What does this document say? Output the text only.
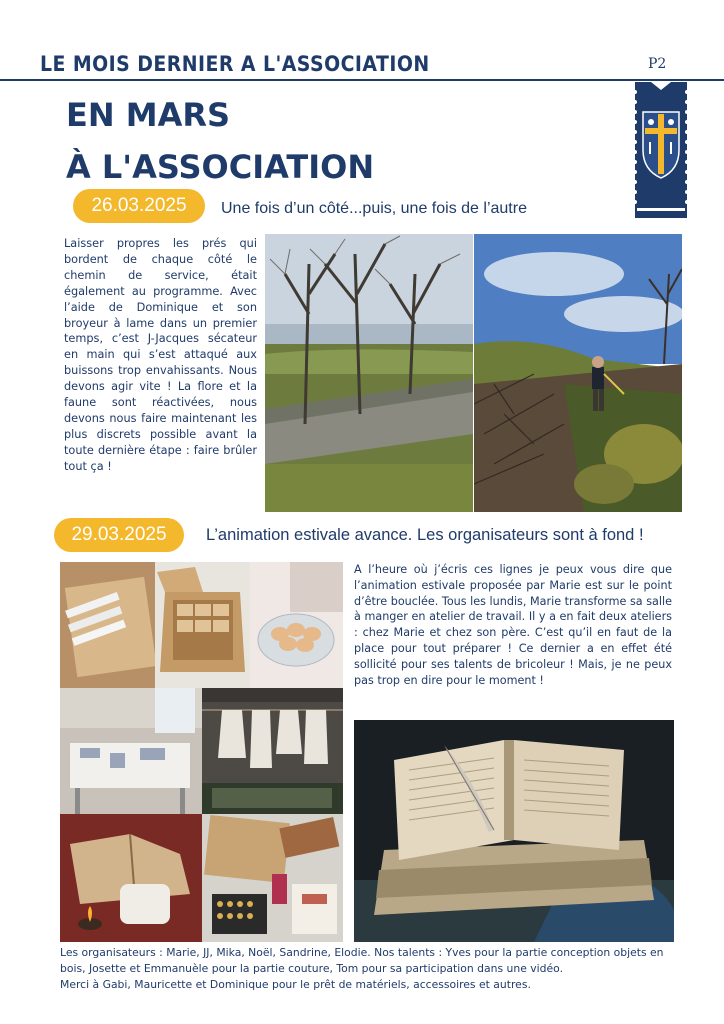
LE MOIS DERNIER A L'ASSOCIATION	P2
EN MARS
À L'ASSOCIATION
26.03.2025	Une fois d’un côté...puis, une fois de l’autre
Laisser propres les prés qui bordent de chaque côté le chemin de service, était également au programme. Avec l’aide de Dominique et son broyeur à lame dans un premier temps, c’est J-Jacques sécateur en main qui s’est attaqué aux buissons trop envahissants. Nous devons agir vite ! La flore et la faune sont réactivées, nous devons nous faire maintenant les plus discrets possible avant la toute dernière étape : faire brûler tout ça !
29.03.2025	L’animation estivale avance. Les organisateurs sont à fond !
A l’heure où j’écris ces lignes je peux vous dire que l’animation estivale proposée par Marie est sur le point d’être bouclée. Tous les lundis, Marie transforme sa salle à manger en atelier de travail. Il y a en fait deux ateliers : chez Marie et chez son père. C’est qu’il en faut de la place pour tout préparer ! Ce dernier a en effet été sollicité pour ses talents de bricoleur ! Mais, je ne peux pas trop en dire pour le moment !
Les organisateurs : Marie, JJ, Mika, Noël, Sandrine, Elodie. Nos talents : Yves pour la partie conception objets en bois, Josette et Emmanuèle pour la partie couture, Tom pour sa participation dans une vidéo.
Merci à Gabi, Mauricette et Dominique pour le prêt de matériels, accessoires et autres.
